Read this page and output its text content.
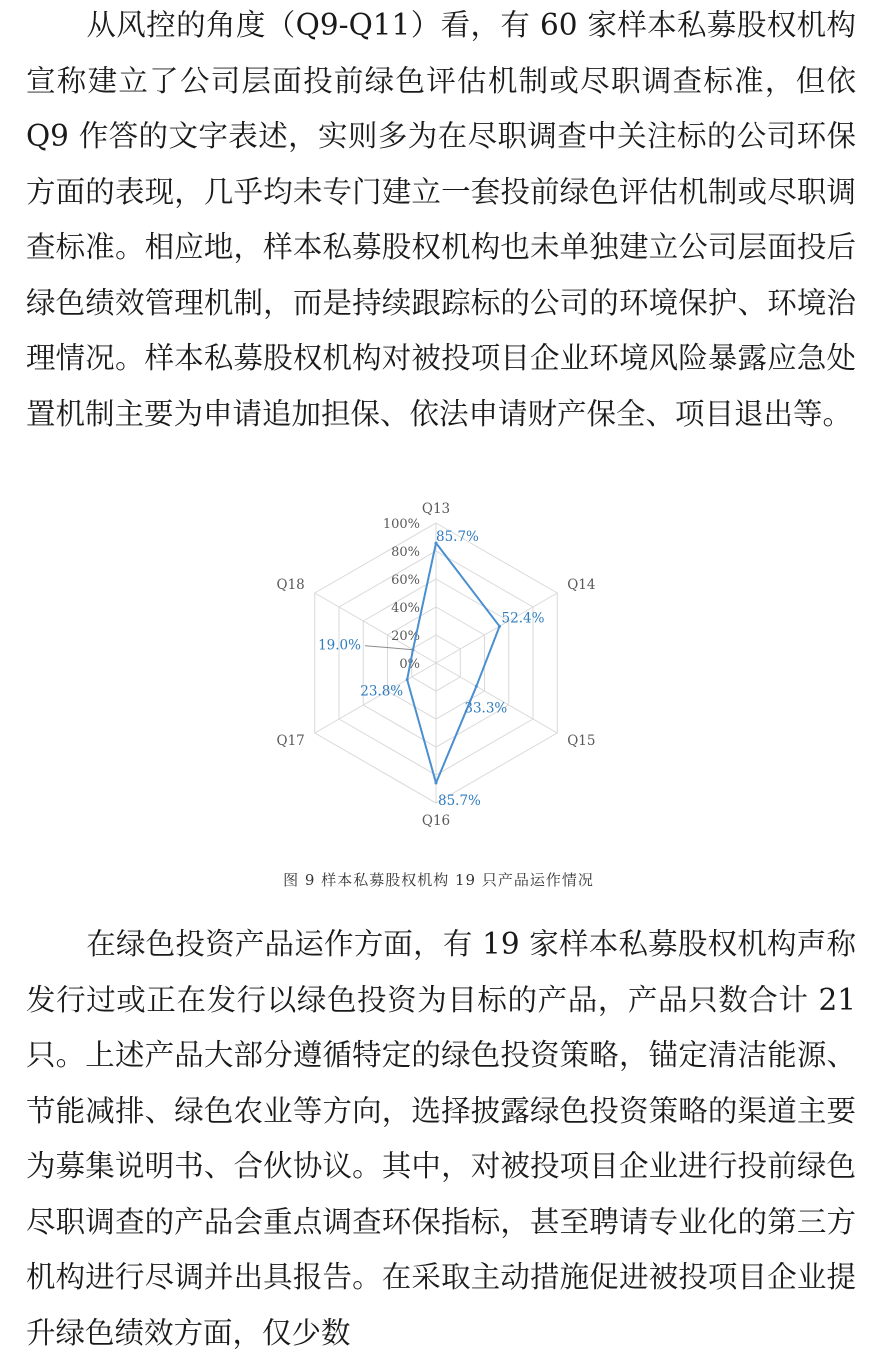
从风控的角度（Q9-Q11）看，有 60 家样本私募股权机构宣称建立了公司层面投前绿色评估机制或尽职调查标准，但依 Q9 作答的文字表述，实则多为在尽职调查中关注标的公司环保方面的表现，几乎均未专门建立一套投前绿色评估机制或尽职调查标准。相应地，样本私募股权机构也未单独建立公司层面投后绿色绩效管理机制，而是持续跟踪标的公司的环境保护、环境治理情况。样本私募股权机构对被投项目企业环境风险暴露应急处置机制主要为申请追加担保、依法申请财产保全、项目退出等。

0%
20%
40%
60%
80%
100%
Q13
Q14
Q15
Q16
Q17
Q18
85.7%
52.4%
33.3%
85.7%
23.8%
19.0%
图 9 样本私募股权机构 19 只产品运作情况

在绿色投资产品运作方面，有 19 家样本私募股权机构声称发行过或正在发行以绿色投资为目标的产品，产品只数合计 21 只。上述产品大部分遵循特定的绿色投资策略，锚定清洁能源、节能减排、绿色农业等方向，选择披露绿色投资策略的渠道主要为募集说明书、合伙协议。其中，对被投项目企业进行投前绿色尽职调查的产品会重点调查环保指标，甚至聘请专业化的第三方机构进行尽调并出具报告。在采取主动措施促进被投项目企业提升绿色绩效方面，仅少数
